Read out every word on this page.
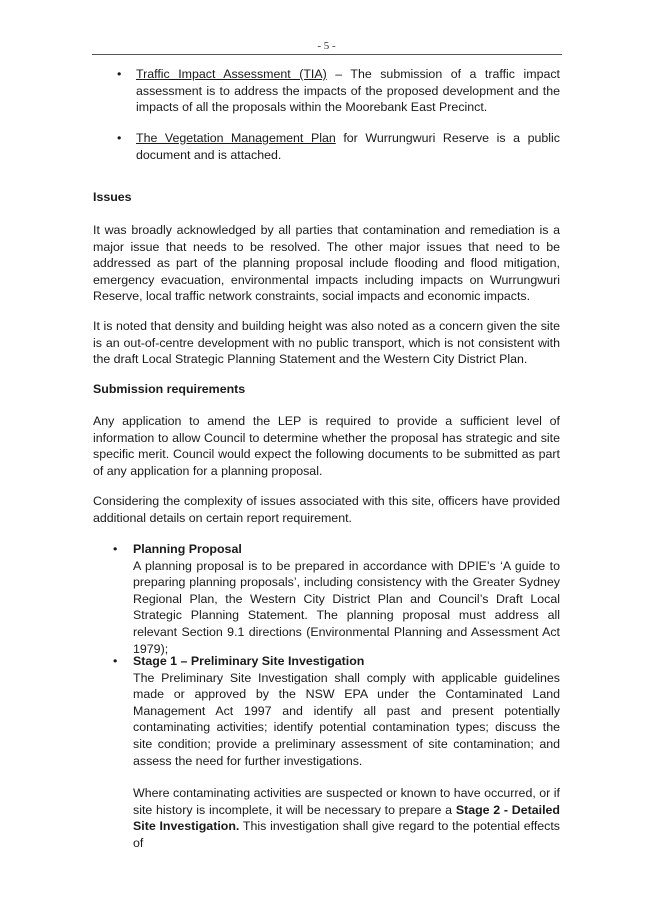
- 5 -
• Traffic Impact Assessment (TIA) – The submission of a traffic impact assessment is to address the impacts of the proposed development and the impacts of all the proposals within the Moorebank East Precinct.
• The Vegetation Management Plan for Wurrungwuri Reserve is a public document and is attached.
Issues
It was broadly acknowledged by all parties that contamination and remediation is a major issue that needs to be resolved. The other major issues that need to be addressed as part of the planning proposal include flooding and flood mitigation, emergency evacuation, environmental impacts including impacts on Wurrungwuri Reserve, local traffic network constraints, social impacts and economic impacts.
It is noted that density and building height was also noted as a concern given the site is an out-of-centre development with no public transport, which is not consistent with the draft Local Strategic Planning Statement and the Western City District Plan.
Submission requirements
Any application to amend the LEP is required to provide a sufficient level of information to allow Council to determine whether the proposal has strategic and site specific merit. Council would expect the following documents to be submitted as part of any application for a planning proposal.
Considering the complexity of issues associated with this site, officers have provided additional details on certain report requirement.
• Planning Proposal
A planning proposal is to be prepared in accordance with DPIE’s ‘A guide to preparing planning proposals’, including consistency with the Greater Sydney Regional Plan, the Western City District Plan and Council’s Draft Local Strategic Planning Statement. The planning proposal must address all relevant Section 9.1 directions (Environmental Planning and Assessment Act 1979);
• Stage 1 – Preliminary Site Investigation
The Preliminary Site Investigation shall comply with applicable guidelines made or approved by the NSW EPA under the Contaminated Land Management Act 1997 and identify all past and present potentially contaminating activities; identify potential contamination types; discuss the site condition; provide a preliminary assessment of site contamination; and assess the need for further investigations.
Where contaminating activities are suspected or known to have occurred, or if site history is incomplete, it will be necessary to prepare a Stage 2 - Detailed Site Investigation. This investigation shall give regard to the potential effects of
